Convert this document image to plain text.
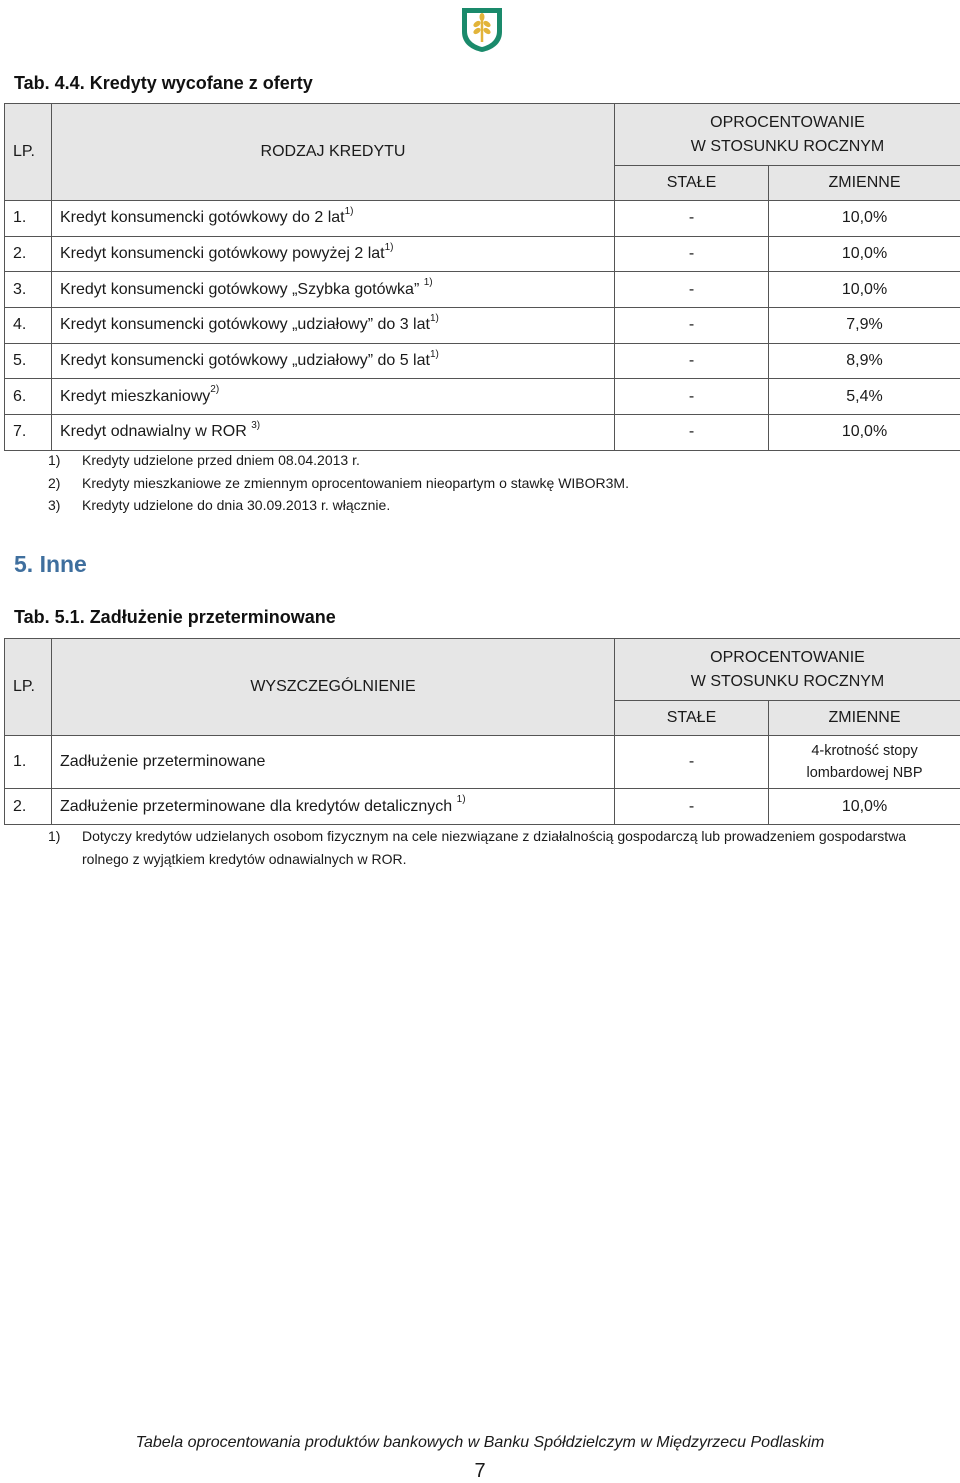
Tab. 4.4. Kredyty wycofane z oferty
LP.	RODZAJ KREDYTU	OPROCENTOWANIE
W STOSUNKU ROCZNYM	

		STAŁE	ZMIENNE
1.	Kredyt konsumencki gotówkowy do 2 lat$^{1)}$	-	10,0%
2.	Kredyt konsumencki gotówkowy powyżej 2 lat$^{1)}$	-	10,0%
3.	Kredyt konsumencki gotówkowy „Szybka gotówka” $^{1)}$	-	10,0%
4.	Kredyt konsumencki gotówkowy „udziałowy” do 3 lat$^{1)}$	-	7,9%
5.	Kredyt konsumencki gotówkowy „udziałowy” do 5 lat$^{1)}$	-	8,9%
6.	Kredyt mieszkaniowy$^{2)}$	-	5,4%
7.	Kredyt odnawialny w ROR $^{3)}$	-	10,0%
1)	Kredyty udzielone przed dniem 08.04.2013 r.
2)	Kredyty mieszkaniowe ze zmiennym oprocentowaniem nieopartym o stawkę WIBOR3M.
3)	Kredyty udzielone do dnia 30.09.2013 r. włącznie.
5. Inne
Tab. 5.1. Zadłużenie przeterminowane
LP.	WYSZCZEGÓLNIENIE	OPROCENTOWANIE
W STOSUNKU ROCZNYM	

		STAŁE	ZMIENNE
1.	Zadłużenie przeterminowane	-	4-krotność stopy
lombardowej NBP

2.	Zadłużenie przeterminowane dla kredytów detalicznych $^{1)}$	-	10,0%
1)	Dotyczy kredytów udzielanych osobom fizycznym na cele niezwiązane z działalnością gospodarczą lub prowadzeniem gospodarstwa rolnego z wyjątkiem kredytów odnawialnych w ROR.
Tabela oprocentowania produktów bankowych w Banku Spółdzielczym w Międzyrzecu Podlaskim
7
